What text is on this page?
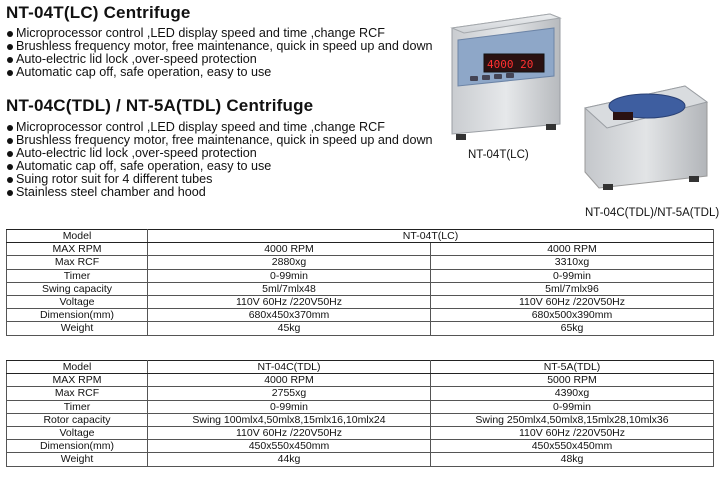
NT-04T(LC) Centrifuge
Microprocessor control ,LED display speed and time ,change RCF
Brushless frequency motor, free maintenance, quick in speed up and down
Auto-electric lid lock ,over-speed protection
Automatic cap off, safe operation, easy to use
NT-04C(TDL) / NT-5A(TDL) Centrifuge
Microprocessor control ,LED display speed and time ,change RCF
Brushless frequency motor, free maintenance, quick in speed up and down
Auto-electric lid lock ,over-speed protection
Automatic cap off, safe operation, easy to use
Suing rotor suit for 4 different tubes
Stainless steel chamber and hood
4000 20
NT-04T(LC)
NT-04C(TDL)/NT-5A(TDL)
Model	NT-04T(LC)	
MAX RPM	4000 RPM	4000 RPM
Max RCF	2880xg	3310xg
Timer	0-99min	0-99min
Swing capacity	5ml/7mlx48	5ml/7mlx96
Voltage	110V 60Hz /220V50Hz	110V 60Hz /220V50Hz
Dimension(mm)	680x450x370mm	680x500x390mm
Weight	45kg	65kg
Model	NT-04C(TDL)	NT-5A(TDL)
MAX RPM	4000 RPM	5000 RPM
Max RCF	2755xg	4390xg
Timer	0-99min	0-99min
Rotor capacity	Swing 100mlx4,50mlx8,15mlx16,10mlx24	Swing 250mlx4,50mlx8,15mlx28,10mlx36
Voltage	110V 60Hz /220V50Hz	110V 60Hz /220V50Hz
Dimension(mm)	450x550x450mm	450x550x450mm
Weight	44kg	48kg
